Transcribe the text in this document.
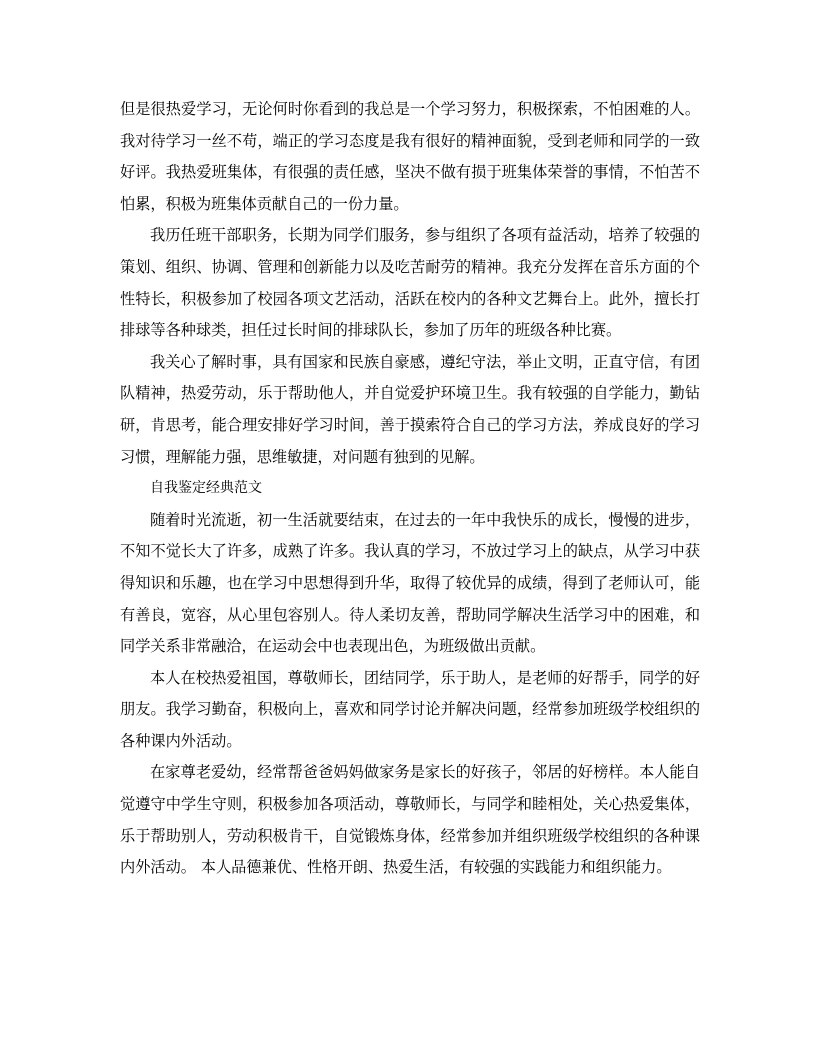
但是很热爱学习，无论何时你看到的我总是一个学习努力，积极探索，不怕困难的人。我对待学习一丝不苟，端正的学习态度是我有很好的精神面貌，受到老师和同学的一致好评。我热爱班集体，有很强的责任感，坚决不做有损于班集体荣誉的事情，不怕苦不怕累，积极为班集体贡献自己的一份力量。

我历任班干部职务，长期为同学们服务，参与组织了各项有益活动，培养了较强的策划、组织、协调、管理和创新能力以及吃苦耐劳的精神。我充分发挥在音乐方面的个性特长，积极参加了校园各项文艺活动，活跃在校内的各种文艺舞台上。此外，擅长打排球等各种球类，担任过长时间的排球队长，参加了历年的班级各种比赛。

我关心了解时事，具有国家和民族自豪感，遵纪守法，举止文明，正直守信，有团队精神，热爱劳动，乐于帮助他人，并自觉爱护环境卫生。我有较强的自学能力，勤钻研，肯思考，能合理安排好学习时间，善于摸索符合自己的学习方法，养成良好的学习习惯，理解能力强，思维敏捷，对问题有独到的见解。

自我鉴定经典范文

随着时光流逝，初一生活就要结束，在过去的一年中我快乐的成长，慢慢的进步，不知不觉长大了许多，成熟了许多。我认真的学习，不放过学习上的缺点，从学习中获得知识和乐趣，也在学习中思想得到升华，取得了较优异的成绩，得到了老师认可，能有善良，宽容，从心里包容别人。待人柔切友善，帮助同学解决生活学习中的困难，和同学关系非常融洽，在运动会中也表现出色，为班级做出贡献。

本人在校热爱祖国，尊敬师长，团结同学，乐于助人，是老师的好帮手，同学的好朋友。我学习勤奋，积极向上，喜欢和同学讨论并解决问题，经常参加班级学校组织的各种课内外活动。

在家尊老爱幼，经常帮爸爸妈妈做家务是家长的好孩子，邻居的好榜样。本人能自觉遵守中学生守则，积极参加各项活动，尊敬师长，与同学和睦相处，关心热爱集体，乐于帮助别人，劳动积极肯干，自觉锻炼身体，经常参加并组织班级学校组织的各种课内外活动。 本人品德兼优、性格开朗、热爱生活，有较强的实践能力和组织能力。
